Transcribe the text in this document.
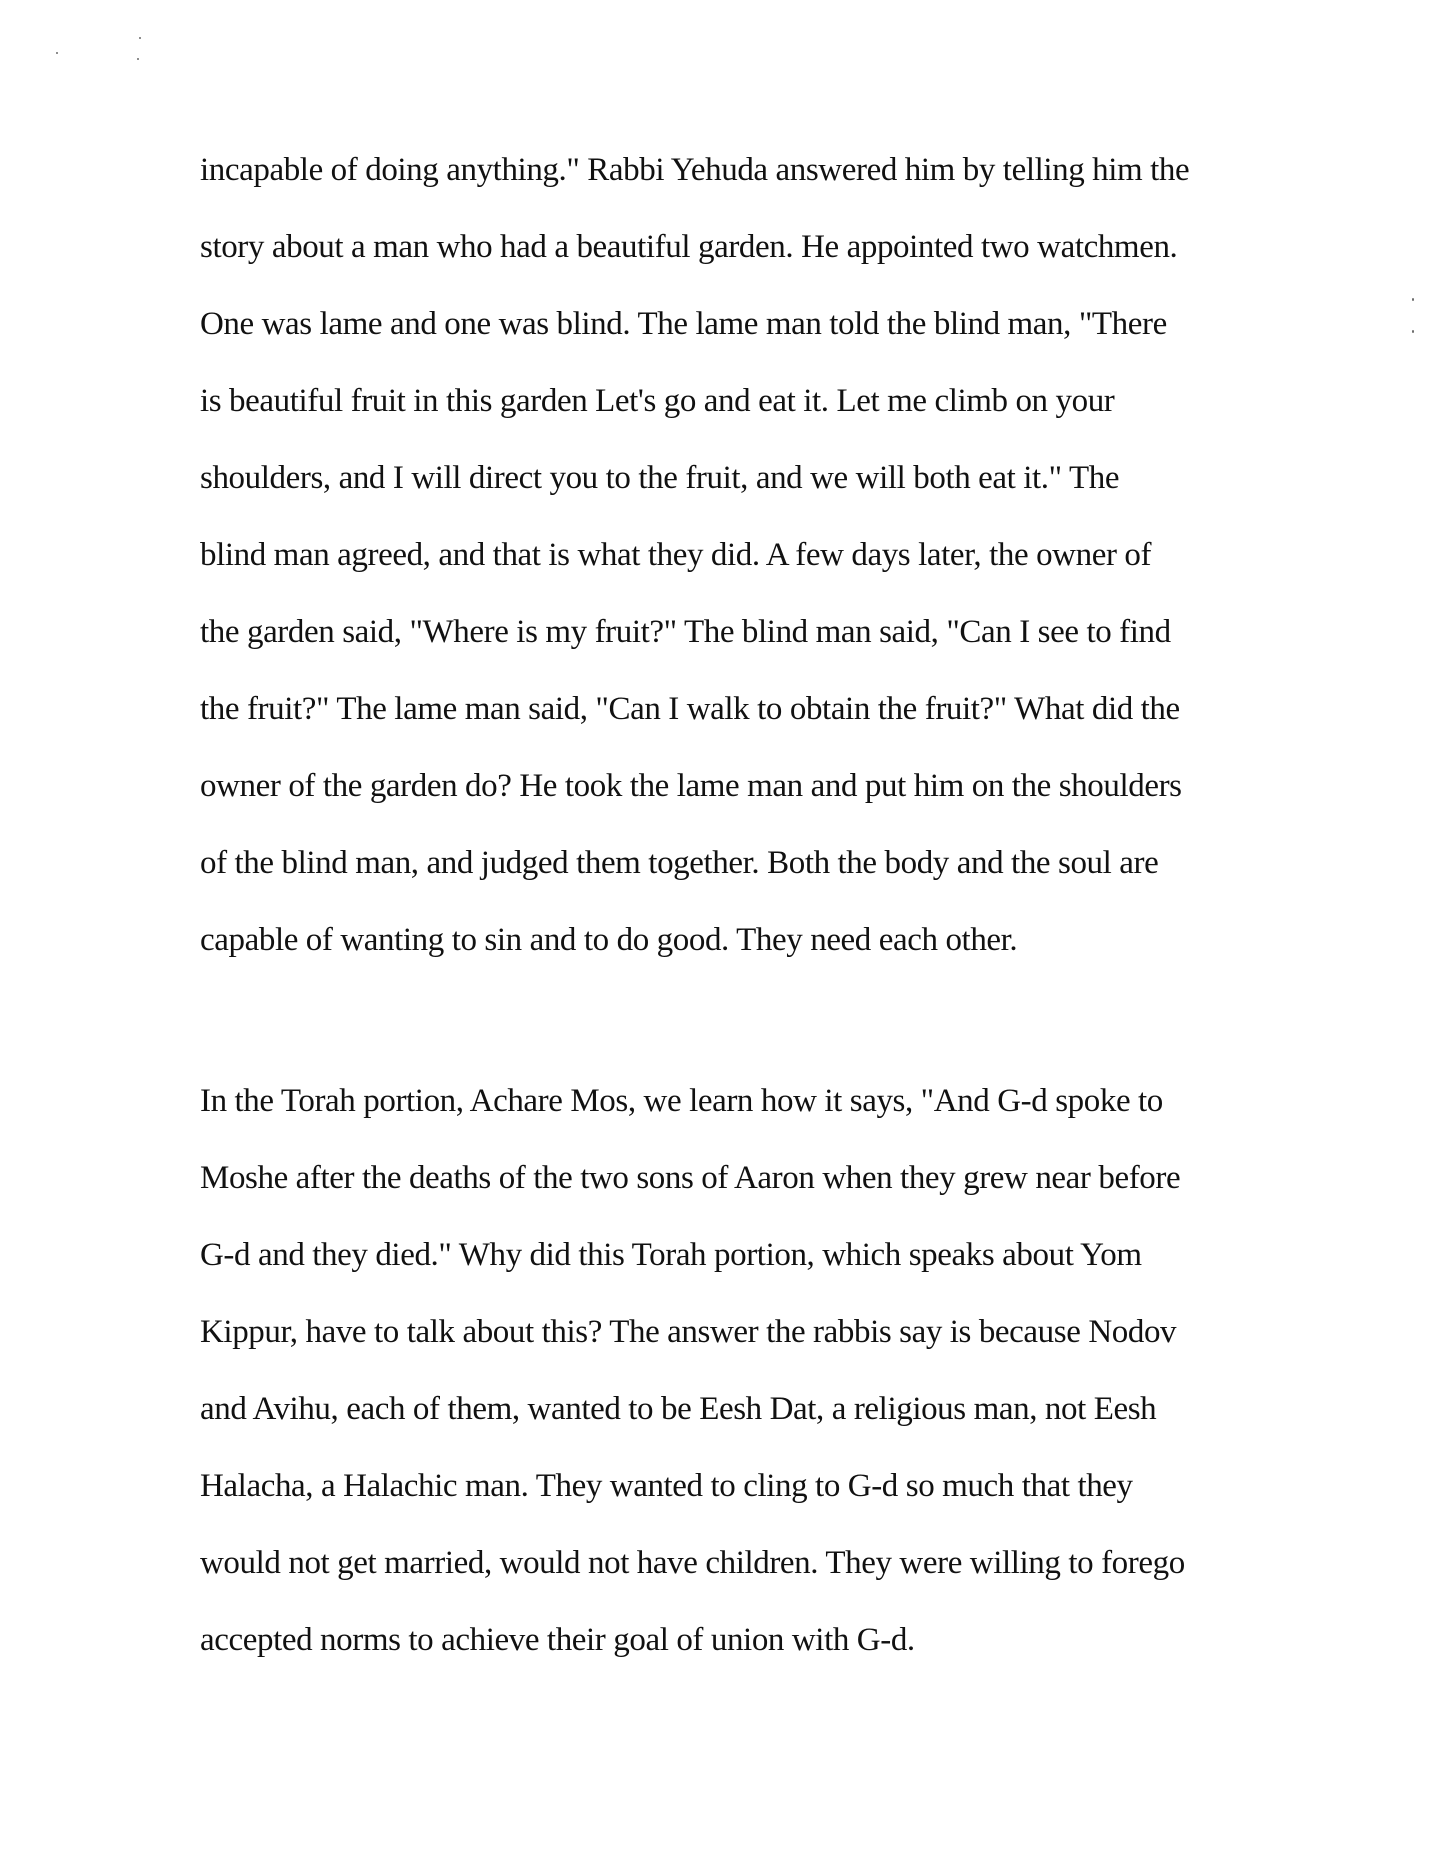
incapable of doing anything." Rabbi Yehuda answered him by telling him the
story about a man who had a beautiful garden. He appointed two watchmen.
One was lame and one was blind. The lame man told the blind man, "There
is beautiful fruit in this garden Let's go and eat it. Let me climb on your
shoulders, and I will direct you to the fruit, and we will both eat it." The
blind man agreed, and that is what they did. A few days later, the owner of
the garden said, "Where is my fruit?" The blind man said, "Can I see to find
the fruit?" The lame man said, "Can I walk to obtain the fruit?" What did the
owner of the garden do? He took the lame man and put him on the shoulders
of the blind man, and judged them together. Both the body and the soul are
capable of wanting to sin and to do good. They need each other.
In the Torah portion, Achare Mos, we learn how it says, "And G-d spoke to
Moshe after the deaths of the two sons of Aaron when they grew near before
G-d and they died." Why did this Torah portion, which speaks about Yom
Kippur, have to talk about this? The answer the rabbis say is because Nodov
and Avihu, each of them, wanted to be Eesh Dat, a religious man, not Eesh
Halacha, a Halachic man. They wanted to cling to G-d so much that they
would not get married, would not have children. They were willing to forego
accepted norms to achieve their goal of union with G-d.
